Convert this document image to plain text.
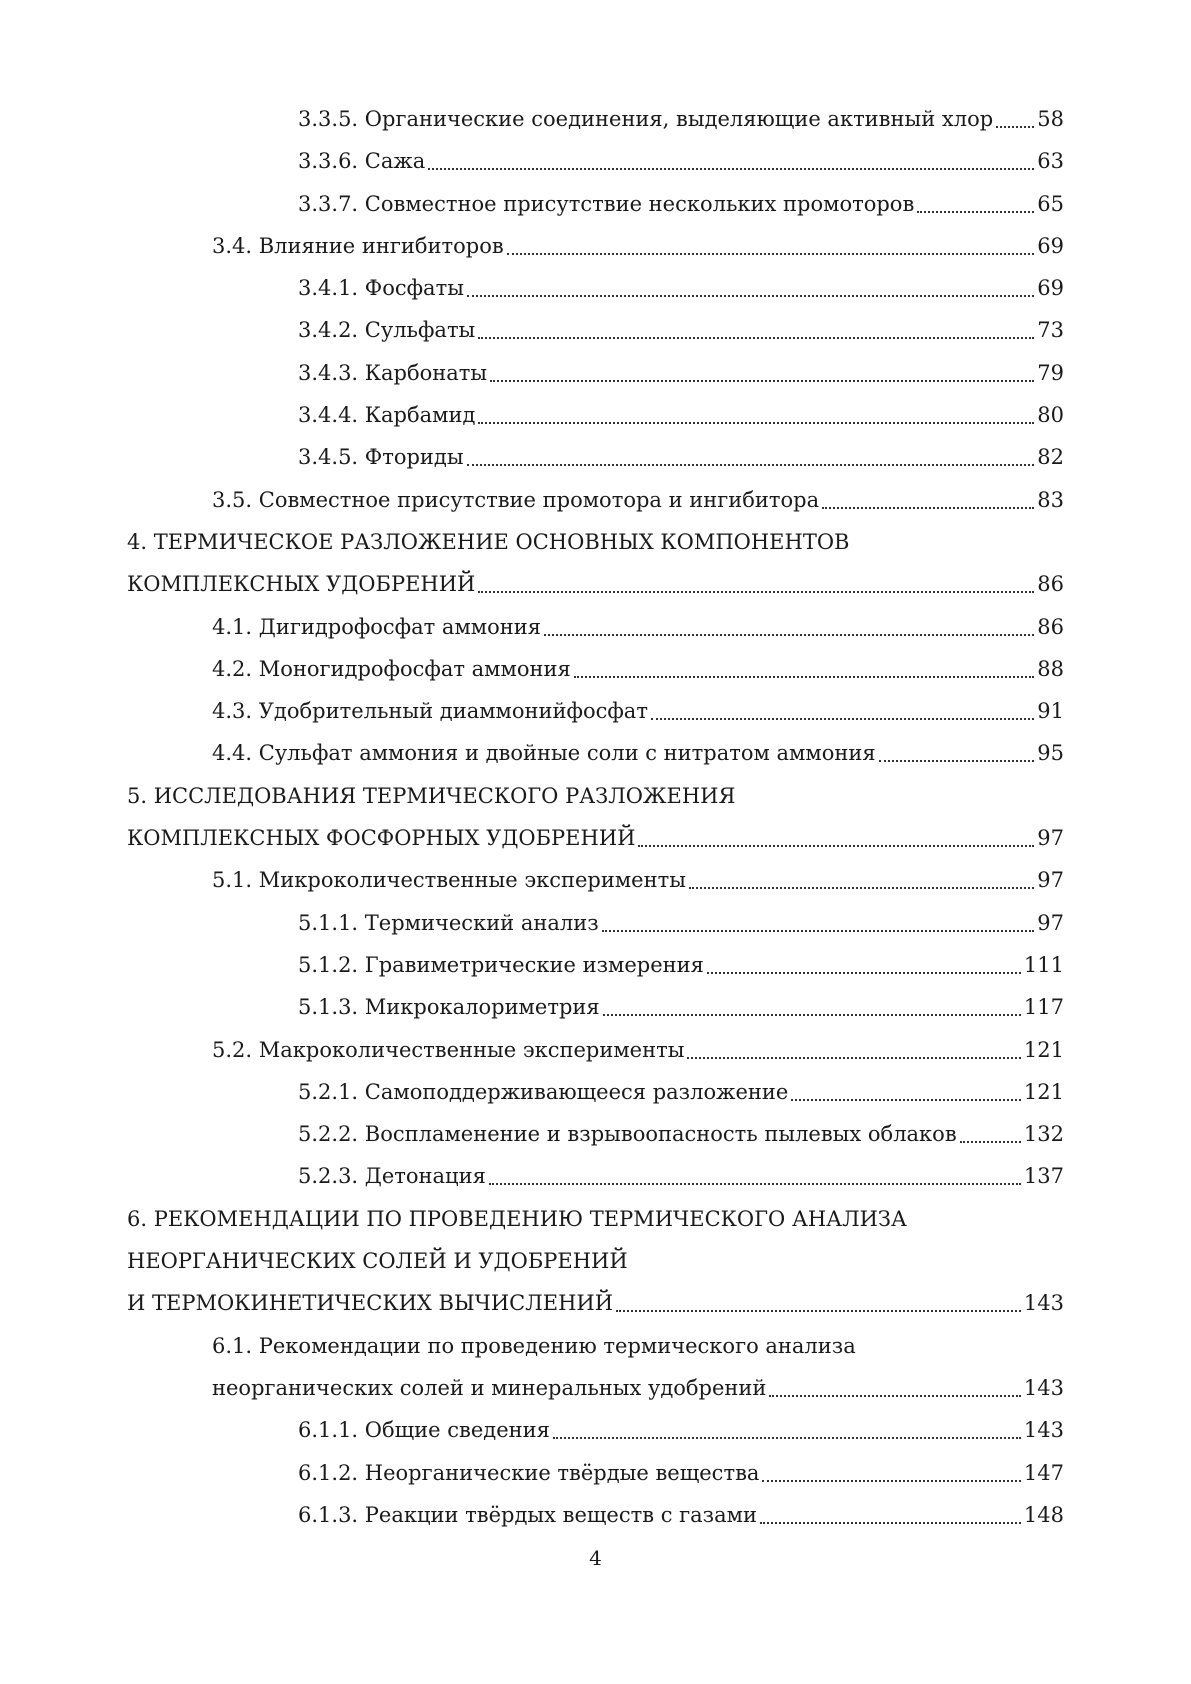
3.3.5. Органические соединения, выделяющие активный хлор 58
3.3.6. Сажа	63
3.3.7. Совместное присутствие нескольких промоторов	65
3.4. Влияние ингибиторов	69
3.4.1. Фосфаты	69
3.4.2. Сульфаты	73
3.4.3. Карбонаты	79
3.4.4. Карбамид	80
3.4.5. Фториды	82
3.5. Совместное присутствие промотора и ингибитора	83
4. ТЕРМИЧЕСКОЕ РАЗЛОЖЕНИЕ ОСНОВНЫХ КОМПОНЕНТОВ
КОМПЛЕКСНЫХ УДОБРЕНИЙ	86
4.1. Дигидрофосфат аммония	86
4.2. Моногидрофосфат аммония	88
4.3. Удобрительный диаммонийфосфат	91
4.4. Сульфат аммония и двойные соли с нитратом аммония	95
5. ИССЛЕДОВАНИЯ ТЕРМИЧЕСКОГО РАЗЛОЖЕНИЯ
КОМПЛЕКСНЫХ ФОСФОРНЫХ УДОБРЕНИЙ	97
5.1. Микроколичественные эксперименты	97
5.1.1. Термический анализ	97
5.1.2. Гравиметрические измерения	111
5.1.3. Микрокалориметрия	117
5.2. Макроколичественные эксперименты	121
5.2.1. Самоподдерживающееся разложение	121
5.2.2. Воспламенение и взрывоопасность пылевых облаков	132
5.2.3. Детонация	137
6. РЕКОМЕНДАЦИИ ПО ПРОВЕДЕНИЮ ТЕРМИЧЕСКОГО АНАЛИЗА
НЕОРГАНИЧЕСКИХ СОЛЕЙ И УДОБРЕНИЙ
И ТЕРМОКИНЕТИЧЕСКИХ ВЫЧИСЛЕНИЙ	143
6.1. Рекомендации по проведению термического анализа
неорганических солей и минеральных удобрений	143
6.1.1. Общие сведения	143
6.1.2. Неорганические твёрдые вещества	147
6.1.3. Реакции твёрдых веществ с газами	148
4
